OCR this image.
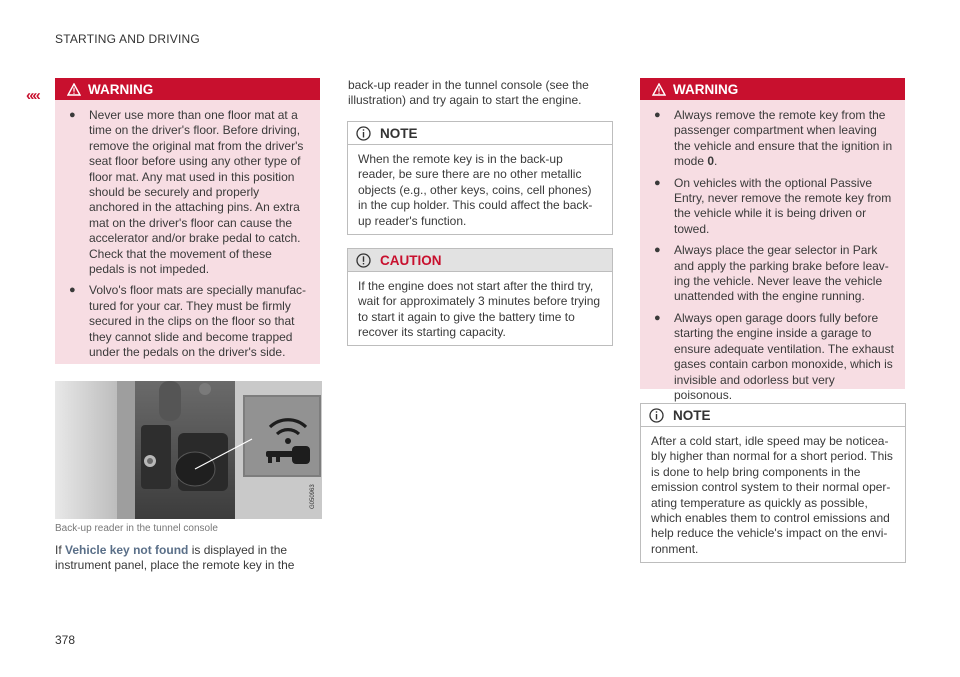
STARTING AND DRIVING
««	WARNING
● Never use more than one floor mat at a time on the driver's floor. Before driving, remove the original mat from the driver's seat floor before using any other type of floor mat. Any mat used in this position should be securely and properly anchored in the attaching pins. An extra mat on the driver's floor can cause the accelerator and/or brake pedal to catch. Check that the movement of these pedals is not impeded.
● Volvo's floor mats are specially manufac-tured for your car. They must be firmly secured in the clips on the floor so that they cannot slide and become trapped under the pedals on the driver's side.
G050963
Back-up reader in the tunnel console
If Vehicle key not found is displayed in the instrument panel, place the remote key in the
back-up reader in the tunnel console (see the illustration) and try again to start the engine.
NOTE

When the remote key is in the back-up reader, be sure there are no other metallic objects (e.g., other keys, coins, cell phones) in the cup holder. This could affect the back-up reader's function.

CAUTION

If the engine does not start after the third try, wait for approximately 3 minutes before trying to start it again to give the battery time to recover its starting capacity.

WARNING
● Always remove the remote key from the passenger compartment when leaving the vehicle and ensure that the ignition in mode 0.
● On vehicles with the optional Passive Entry, never remove the remote key from the vehicle while it is being driven or towed.
● Always place the gear selector in Park and apply the parking brake before leav-ing the vehicle. Never leave the vehicle unattended with the engine running.
● Always open garage doors fully before starting the engine inside a garage to ensure adequate ventilation. The exhaust gases contain carbon monoxide, which is invisible and odorless but very poisonous.
NOTE

After a cold start, idle speed may be noticea-bly higher than normal for a short period. This is done to help bring components in the emission control system to their normal oper-ating temperature as quickly as possible, which enables them to control emissions and help reduce the vehicle's impact on the envi-ronment.

378
